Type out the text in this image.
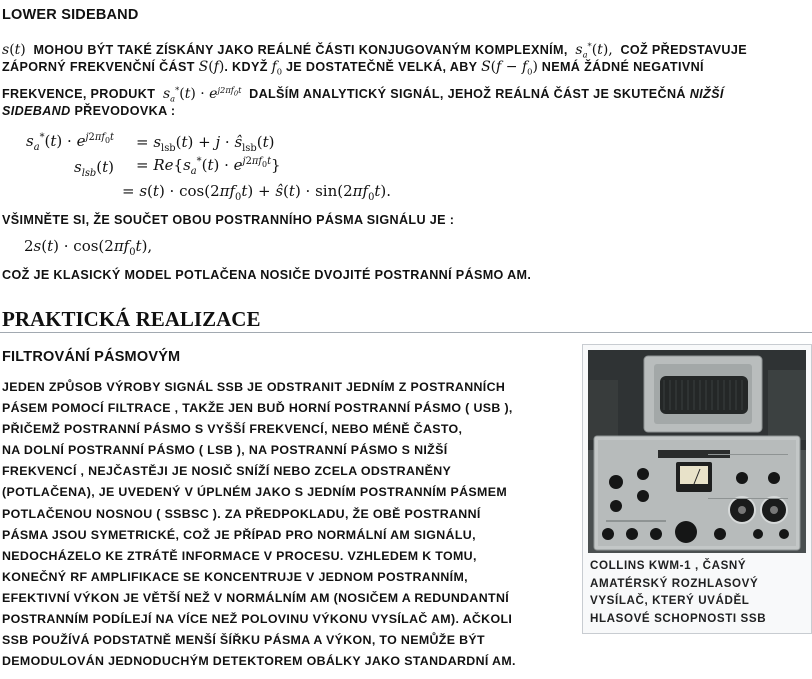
LOWER SIDEBAND
s(t) MOHOU BÝT TAKÉ ZÍSKÁNY JAKO REÁLNÉ ČÁSTI KONJUGOVANÝM KOMPLEXNÍM, $s_a^*(t)$, COŽ PŘEDSTAVUJE
ZÁPORNÝ FREKVENČNÍ ČÁST S(f). KDYŽ $f_0$ JE DOSTATEČNĚ VELKÁ, ABY $S(f - f_0)$ NEMÁ ŽÁDNÉ NEGATIVNÍ
FREKVENCE, PRODUKT $s_a^*(t) \cdot e^{j2\pi f_0t}$ DALŠÍM ANALYTICKÝ SIGNÁL, JEHOŽ REÁLNÁ ČÁST JE SKUTEČNÁ NIŽŠÍ
SIDEBAND PŘEVODOVKA :
$s_a^*(t) \cdot e^{j2\pi f_0t} = s_{lsb}(t) + j$ · $ŝ_{lsb}(t)$
$s_{lsb}(t) = Re\{s_a^*(t) \cdot e^{j2\pi f_0t}\}$
= $s(t) \cdot \cos(2\pi f_0t)$ + ŝ(t) · $\sin(2\pi f_0t)$.
VŠIMNĚTE SI, ŽE SOUČET OBOU POSTRANNÍHO PÁSMA SIGNÁLU JE :
$2s(t) \cdot \cos(2\pi f_0t)$,
COŽ JE KLASICKÝ MODEL POTLAČENA NOSIČE DVOJITÉ POSTRANNÍ PÁSMO AM.
PRAKTICKÁ REALIZACE
FILTROVÁNÍ PÁSMOVÝM
JEDEN ZPŮSOB VÝROBY SIGNÁL SSB JE ODSTRANIT JEDNÍM Z POSTRANNÍCH
PÁSEM POMOCÍ FILTRACE , TAKŽE JEN BUĎ HORNÍ POSTRANNÍ PÁSMO ( USB ),
PŘIČEMŽ POSTRANNÍ PÁSMO S VYŠŠÍ FREKVENCÍ, NEBO MÉNĚ ČASTO,
NA DOLNÍ POSTRANNÍ PÁSMO ( LSB ), NA POSTRANNÍ PÁSMO S NIŽŠÍ
FREKVENCÍ , NEJČASTĚJI JE NOSIČ SNÍŽÍ NEBO ZCELA ODSTRANĚNY
(POTLAČENA), JE UVEDENÝ V ÚPLNÉM JAKO S JEDNÍM POSTRANNÍM PÁSMEM
POTLAČENOU NOSNOU ( SSBSC ). ZA PŘEDPOKLADU, ŽE OBĚ POSTRANNÍ
PÁSMA JSOU SYMETRICKÉ, COŽ JE PŘÍPAD PRO NORMÁLNÍ AM SIGNÁLU,
NEDOCHÁZELO KE ZTRÁTĚ INFORMACE V PROCESU. VZHLEDEM K TOMU,
KONEČNÝ RF AMPLIFIKACE SE KONCENTRUJE V JEDNOM POSTRANNÍM,
EFEKTIVNÍ VÝKON JE VĚTŠÍ NEŽ V NORMÁLNÍM AM (NOSIČEM A REDUNDANTNÍ
POSTRANNÍM PODÍLEJÍ NA VÍCE NEŽ POLOVINU VÝKONU VYSÍLAČ AM). AČKOLI
SSB POUŽÍVÁ PODSTATNĚ MENŠÍ ŠÍŘKU PÁSMA A VÝKON, TO NEMŮŽE BÝT
DEMODULOVÁN JEDNODUCHÝM DETEKTOREM OBÁLKY JAKO STANDARDNÍ AM.
COLLINS KWM-1 , ČASNÝ AMATÉRSKÝ ROZHLASOVÝ VYSÍLAČ, KTERÝ UVÁDĚL HLASOVÉ SCHOPNOSTI SSB
